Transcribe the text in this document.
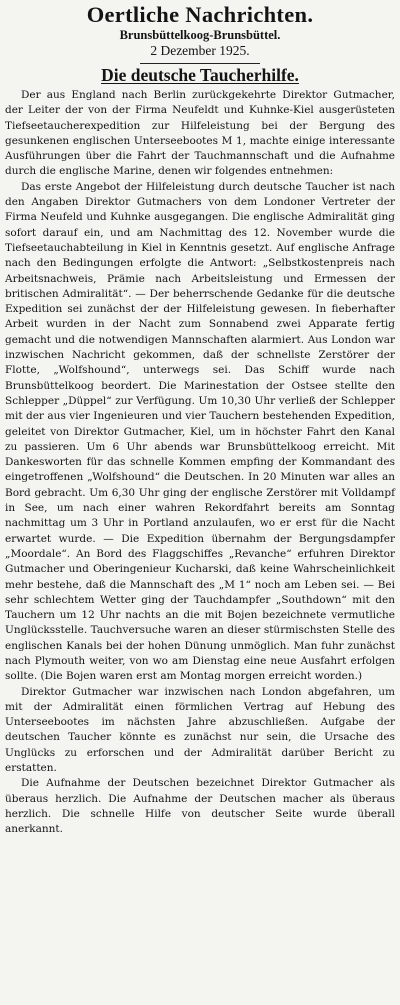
Oertliche Nachrichten.
Brunsbüttelkoog-Brunsbüttel.
2 Dezember 1925.
Die deutsche Taucherhilfe.

Der aus England nach Berlin zurückgekehrte Direktor Gutmacher, der Leiter der von der Firma Neufeldt und Kuhnke-Kiel ausgerüsteten Tiefseetaucherexpedition zur Hilfeleistung bei der Bergung des gesunkenen englischen Unterseebootes M 1, machte einige interessante Ausführungen über die Fahrt der Tauchmannschaft und die Aufnahme durch die englische Marine, denen wir folgendes entnehmen:

Das erste Angebot der Hilfeleistung durch deutsche Taucher ist nach den Angaben Direktor Gutmachers von dem Londoner Vertreter der Firma Neufeld und Kuhnke ausgegangen. Die englische Admiralität ging sofort darauf ein, und am Nachmittag des 12. November wurde die Tiefseetauchabteilung in Kiel in Kenntnis gesetzt. Auf englische Anfrage nach den Bedingungen erfolgte die Antwort: „Selbstkostenpreis nach Arbeitsnachweis, Prämie nach Arbeitsleistung und Ermessen der britischen Admiralität“. — Der beherrschende Gedanke für die deutsche Expedition sei zunächst der der Hilfeleistung gewesen. In fieberhafter Arbeit wurden in der Nacht zum Sonnabend zwei Apparate fertig gemacht und die notwendigen Mannschaften alarmiert. Aus London war inzwischen Nachricht gekommen, daß der schnellste Zerstörer der Flotte, „Wolfshound“, unterwegs sei. Das Schiff wurde nach Brunsbüttelkoog beordert. Die Marinestation der Ostsee stellte den Schlepper „Düppel“ zur Verfügung. Um 10,30 Uhr verließ der Schlepper mit der aus vier Ingenieuren und vier Tauchern bestehenden Expedition, geleitet von Direktor Gutmacher, Kiel, um in höchster Fahrt den Kanal zu passieren. Um 6 Uhr abends war Brunsbüttelkoog erreicht. Mit Dankesworten für das schnelle Kommen empfing der Kommandant des eingetroffenen „Wolfshound“ die Deutschen. In 20 Minuten war alles an Bord gebracht. Um 6,30 Uhr ging der englische Zerstörer mit Volldampf in See, um nach einer wahren Rekordfahrt bereits am Sonntag nachmittag um 3 Uhr in Portland anzulaufen, wo er erst für die Nacht erwartet wurde. — Die Expedition übernahm der Bergungsdampfer „Moordale“. An Bord des Flaggschiffes „Revanche“ erfuhren Direktor Gutmacher und Oberingenieur Kucharski, daß keine Wahrscheinlichkeit mehr bestehe, daß die Mannschaft des „M 1“ noch am Leben sei. — Bei sehr schlechtem Wetter ging der Tauchdampfer „Southdown“ mit den Tauchern um 12 Uhr nachts an die mit Bojen bezeichnete vermutliche Unglücksstelle. Tauchversuche waren an dieser stürmischsten Stelle des englischen Kanals bei der hohen Dünung unmöglich. Man fuhr zunächst nach Plymouth weiter, von wo am Dienstag eine neue Ausfahrt erfolgen sollte. (Die Bojen waren erst am Montag morgen erreicht worden.)

Direktor Gutmacher war inzwischen nach London abgefahren, um mit der Admiralität einen förmlichen Vertrag auf Hebung des Unterseebootes im nächsten Jahre abzuschließen. Aufgabe der deutschen Taucher könnte es zunächst nur sein, die Ursache des Unglücks zu erforschen und der Admiralität darüber Bericht zu erstatten.

Die Aufnahme der Deutschen bezeichnet Direktor Gutmacher als überaus herzlich. Die Aufnahme der Deutschen macher als überaus herzlich. Die schnelle Hilfe von deutscher Seite wurde überall anerkannt.
